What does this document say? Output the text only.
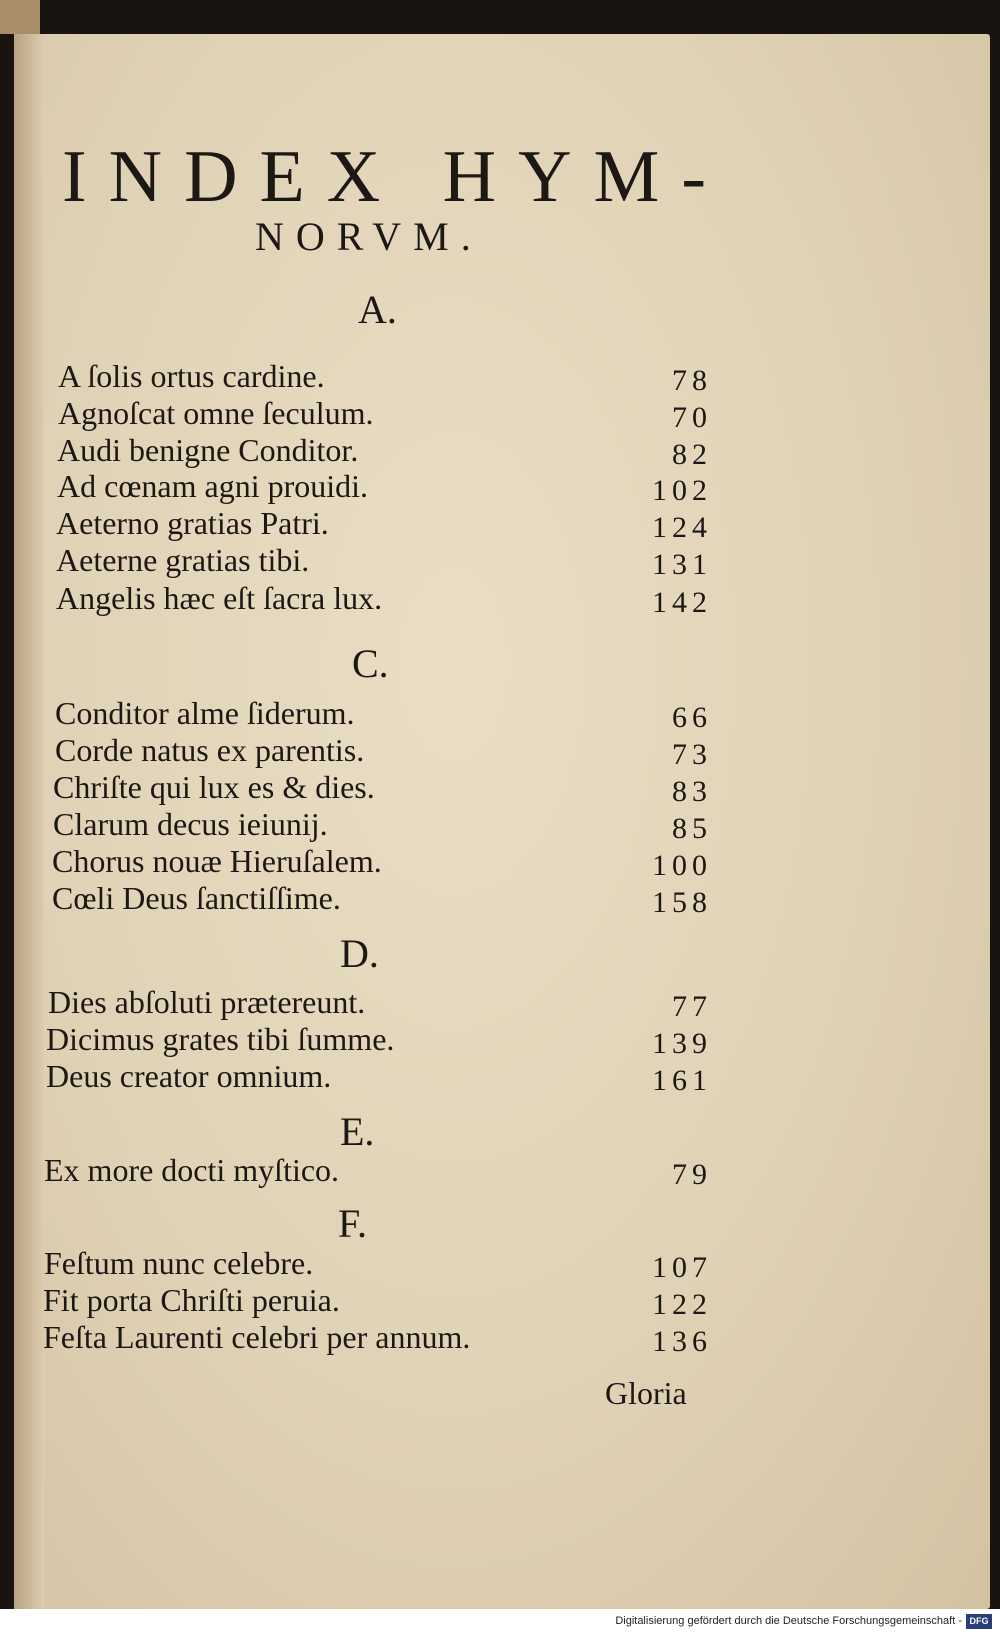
INDEX HYM-
NORVM.
A.
A ſolis ortus cardine.	78
Agnoſcat omne ſeculum.	70
Audi benigne Conditor.	82
Ad cœnam agni prouidi.	102
Aeterno gratias Patri.	124
Aeterne gratias tibi.	131
Angelis hæc eſt ſacra lux.	142
C.
Conditor alme ſiderum.	66
Corde natus ex parentis.	73
Chriſte qui lux es & dies.	83
Clarum decus ieiunij.	85
Chorus nouæ Hieruſalem.	100
Cœli Deus ſanctiſſime.	158
D.
Dies abſoluti prætereunt.	77
Dicimus grates tibi ſumme.	139
Deus creator omnium.	161
E.
Ex more docti myſtico.	79
F.
Feſtum nunc celebre.	107
Fit porta Chriſti peruia.	122
Feſta Laurenti celebri per annum.	136
Gloria
Digitalisierung gefördert durch die Deutsche Forschungsgemeinschaft - DFG
